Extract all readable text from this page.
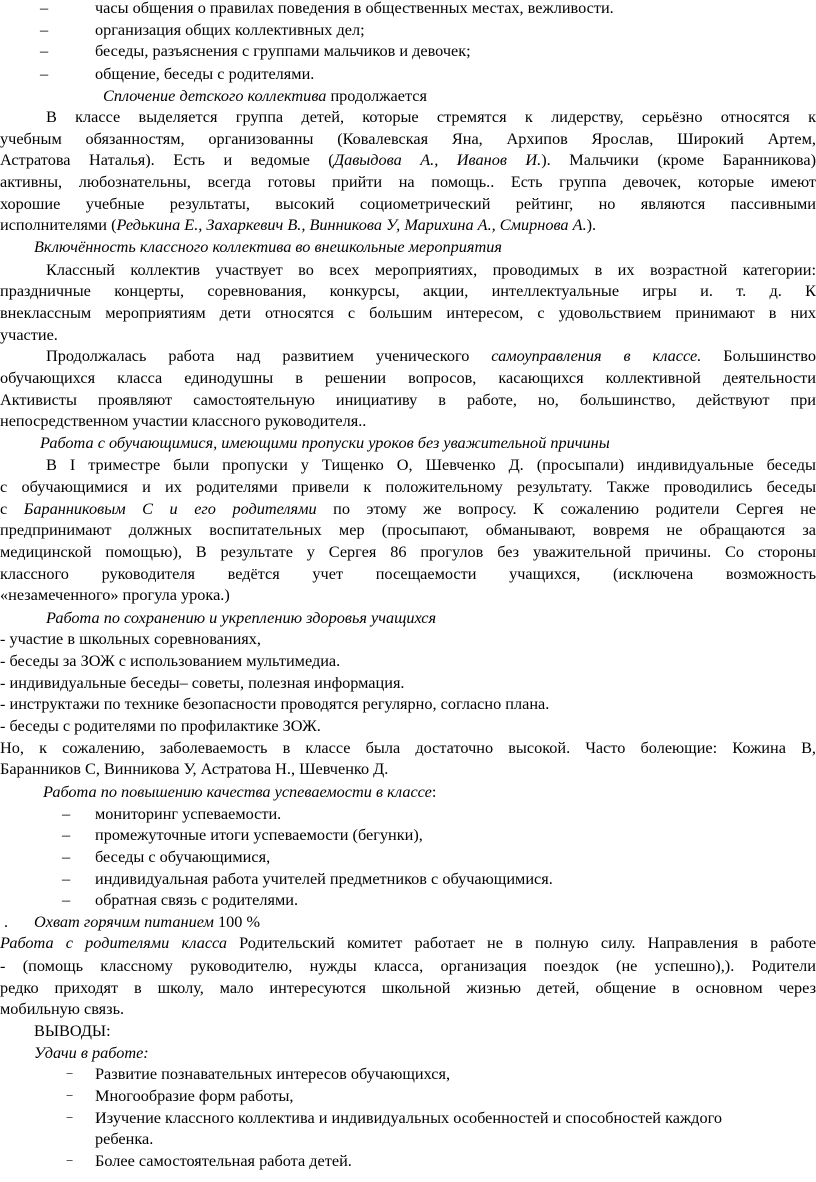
–	часы общения о правилах поведения в общественных местах, вежливости.
–	организация общих коллективных дел;
–	беседы, разъяснения с группами мальчиков и девочек;
–	общение, беседы с родителями.
Сплочение детского коллектива продолжается
В классе выделяется группа детей, которые стремятся к лидерству, серьёзно относятся к
учебным обязанностям, организованны (Ковалевская Яна, Архипов Ярослав, Широкий Артем,
Астратова Наталья). Есть и ведомые (Давыдова А., Иванов И.). Мальчики (кроме Баранникова)
активны, любознательны, всегда готовы прийти на помощь.. Есть группа девочек, которые имеют
хорошие учебные результаты, высокий социометрический рейтинг, но являются пассивными
исполнителями (Редькина Е., Захаркевич В., Винникова У, Марихина А., Смирнова А.).
Включённость классного коллектива во внешкольные мероприятия
Классный коллектив участвует во всех мероприятиях, проводимых в их возрастной категории:
праздничные концерты, соревнования, конкурсы, акции, интеллектуальные игры и. т. д. К
внеклассным мероприятиям дети относятся с большим интересом, с удовольствием принимают в них
участие.
Продолжалась работа над развитием ученического самоуправления в классе. Большинство
обучающихся класса единодушны в решении вопросов, касающихся коллективной деятельности
Активисты проявляют самостоятельную инициативу в работе, но, большинство, действуют при
непосредственном участии классного руководителя..
Работа с обучающимися, имеющими пропуски уроков без уважительной причины
В I триместре были пропуски у Тищенко О, Шевченко Д. (просыпали) индивидуальные беседы
с обучающимися и их родителями привели к положительному результату. Также проводились беседы
с Баранниковым С и его родителями по этому же вопросу. К сожалению родители Сергея не
предпринимают должных воспитательных мер (просыпают, обманывают, вовремя не обращаются за
медицинской помощью), В результате у Сергея 86 прогулов без уважительной причины. Со стороны
классного руководителя ведётся учет посещаемости учащихся, (исключена возможность
«незамеченного» прогула урока.)
Работа по сохранению и укреплению здоровья учащихся
- участие в школьных соревнованиях,
- беседы за ЗОЖ с использованием мультимедиа.
- индивидуальные беседы– советы, полезная информация.
- инструктажи по технике безопасности проводятся регулярно, согласно плана.
- беседы с родителями по профилактике ЗОЖ.
Но, к сожалению, заболеваемость в классе была достаточно высокой. Часто болеющие: Кожина В,
Баранников С, Винникова У, Астратова Н., Шевченко Д.
Работа по повышению качества успеваемости в классе:
– мониторинг успеваемости.
– промежуточные итоги успеваемости (бегунки),
– беседы с обучающимися,
– индивидуальная работа учителей предметников с обучающимися.
– обратная связь с родителями.
. Охват горячим питанием 100 %
Работа с родителями класса Родительский комитет работает не в полную силу. Направления в работе
- (помощь классному руководителю, нужды класса, организация поездок (не успешно),). Родители
редко приходят в школу, мало интересуются школьной жизнью детей, общение в основном через
мобильную связь.
ВЫВОДЫ:
Удачи в работе:
− Развитие познавательных интересов обучающихся,
− Многообразие форм работы,
− Изучение классного коллектива и индивидуальных особенностей и способностей каждого
ребенка.
− Более самостоятельная работа детей.
